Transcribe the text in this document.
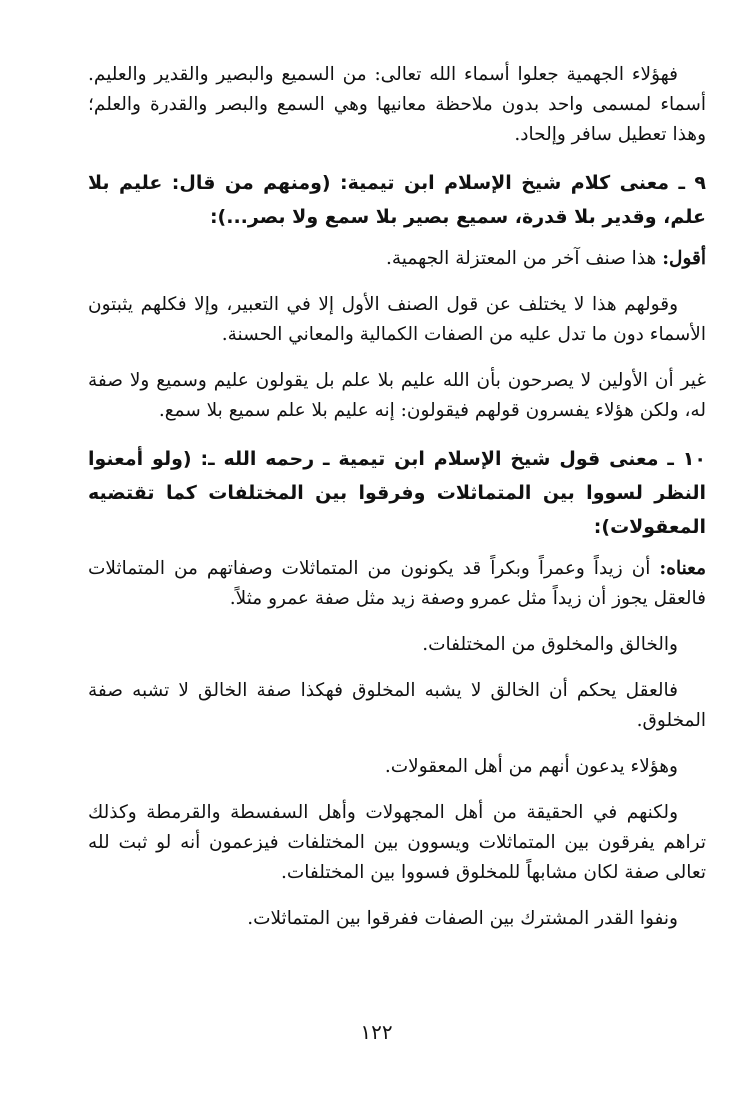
فهؤلاء الجهمية جعلوا أسماء الله تعالى: من السميع والبصير والقدير والعليم. أسماء لمسمى واحد بدون ملاحظة معانيها وهي السمع والبصر والقدرة والعلم؛ وهذا تعطيل سافر وإلحاد.

٩ ـ معنى كلام شيخ الإسلام ابن تيمية: (ومنهم من قال: عليم بلا علم، وقدير بلا قدرة، سميع بصير بلا سمع ولا بصر...):

أقول: هذا صنف آخر من المعتزلة الجهمية.

وقولهم هذا لا يختلف عن قول الصنف الأول إلا في التعبير، وإلا فكلهم يثبتون الأسماء دون ما تدل عليه من الصفات الكمالية والمعاني الحسنة.

غير أن الأولين لا يصرحون بأن الله عليم بلا علم بل يقولون عليم وسميع ولا صفة له، ولكن هؤلاء يفسرون قولهم فيقولون: إنه عليم بلا علم سميع بلا سمع.

١٠ ـ معنى قول شيخ الإسلام ابن تيمية ـ رحمه الله ـ: (ولو أمعنوا النظر لسووا بين المتماثلات وفرقوا بين المختلفات كما تقتضيه المعقولات):

معناه: أن زيداً وعمراً وبكراً قد يكونون من المتماثلات وصفاتهم من المتماثلات فالعقل يجوز أن زيداً مثل عمرو وصفة زيد مثل صفة عمرو مثلاً.

والخالق والمخلوق من المختلفات.

فالعقل يحكم أن الخالق لا يشبه المخلوق فهكذا صفة الخالق لا تشبه صفة المخلوق.

وهؤلاء يدعون أنهم من أهل المعقولات.

ولكنهم في الحقيقة من أهل المجهولات وأهل السفسطة والقرمطة وكذلك تراهم يفرقون بين المتماثلات ويسوون بين المختلفات فيزعمون أنه لو ثبت لله تعالى صفة لكان مشابهاً للمخلوق فسووا بين المختلفات.

ونفوا القدر المشترك بين الصفات ففرقوا بين المتماثلات.

١٢٢
